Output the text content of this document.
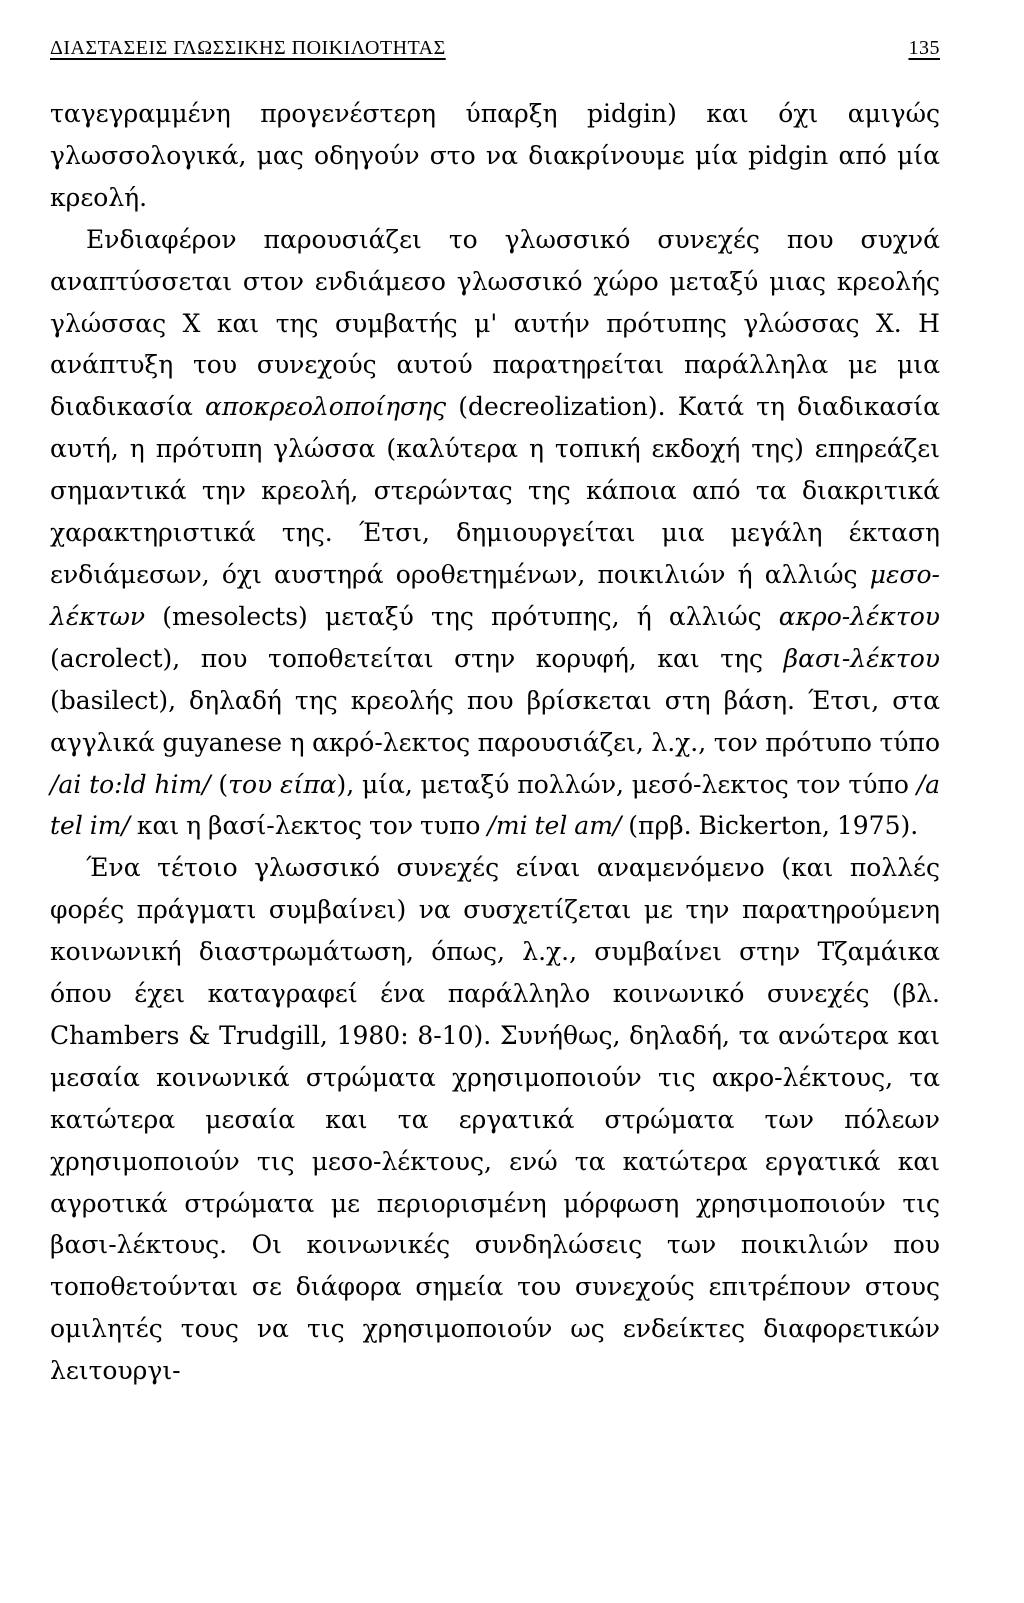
ΔΙΑΣΤΑΣΕΙΣ ΓΛΩΣΣΙΚΗΣ ΠΟΙΚΙΛΟΤΗΤΑΣ	135

ταγεγραμμένη προγενέστερη ύπαρξη pidgin) και όχι αμιγώς γλωσσολογικά, μας οδηγούν στο να διακρίνουμε μία pidgin από μία κρεολή.

Ενδιαφέρον παρουσιάζει το γλωσσικό συνεχές που συχνά αναπτύσσεται στον ενδιάμεσο γλωσσικό χώρο μεταξύ μιας κρεολής γλώσσας Χ και της συμβατής μ' αυτήν πρότυπης γλώσσας Χ. Η ανάπτυξη του συνεχούς αυτού παρατηρείται παράλληλα με μια διαδικασία αποκρεολοποίησης (decreolization). Κατά τη διαδικασία αυτή, η πρότυπη γλώσσα (καλύτερα η τοπική εκδοχή της) επηρεάζει σημαντικά την κρεολή, στερώντας της κάποια από τα διακριτικά χαρακτηριστικά της. Έτσι, δημιουργείται μια μεγάλη έκταση ενδιάμεσων, όχι αυστηρά οροθετημένων, ποικιλιών ή αλλιώς μεσο-λέκτων (mesolects) μεταξύ της πρότυπης, ή αλλιώς ακρο-λέκτου (acrolect), που τοποθετείται στην κορυφή, και της βασι-λέκτου (basilect), δηλαδή της κρεολής που βρίσκεται στη βάση. Έτσι, στα αγγλικά guyanese η ακρό-λεκτος παρουσιάζει, λ.χ., τον πρότυπο τύπο /ai to:ld him/ (του είπα), μία, μεταξύ πολλών, μεσό-λεκτος τον τύπο /a tel im/ και η βασί-λεκτος τον τυπο /mi tel am/ (πρβ. Bickerton, 1975).

Ένα τέτοιο γλωσσικό συνεχές είναι αναμενόμενο (και πολλές φορές πράγματι συμβαίνει) να συσχετίζεται με την παρατηρούμενη κοινωνική διαστρωμάτωση, όπως, λ.χ., συμβαίνει στην Τζαμάικα όπου έχει καταγραφεί ένα παράλληλο κοινωνικό συνεχές (βλ. Chambers & Trudgill, 1980: 8-10). Συνήθως, δηλαδή, τα ανώτερα και μεσαία κοινωνικά στρώματα χρησιμοποιούν τις ακρο-λέκτους, τα κατώτερα μεσαία και τα εργατικά στρώματα των πόλεων χρησιμοποιούν τις μεσο-λέκτους, ενώ τα κατώτερα εργατικά και αγροτικά στρώματα με περιορισμένη μόρφωση χρησιμοποιούν τις βασι-λέκτους. Οι κοινωνικές συνδηλώσεις των ποικιλιών που τοποθετούνται σε διάφορα σημεία του συνεχούς επιτρέπουν στους ομιλητές τους να τις χρησιμοποιούν ως ενδείκτες διαφορετικών λειτουργι-
